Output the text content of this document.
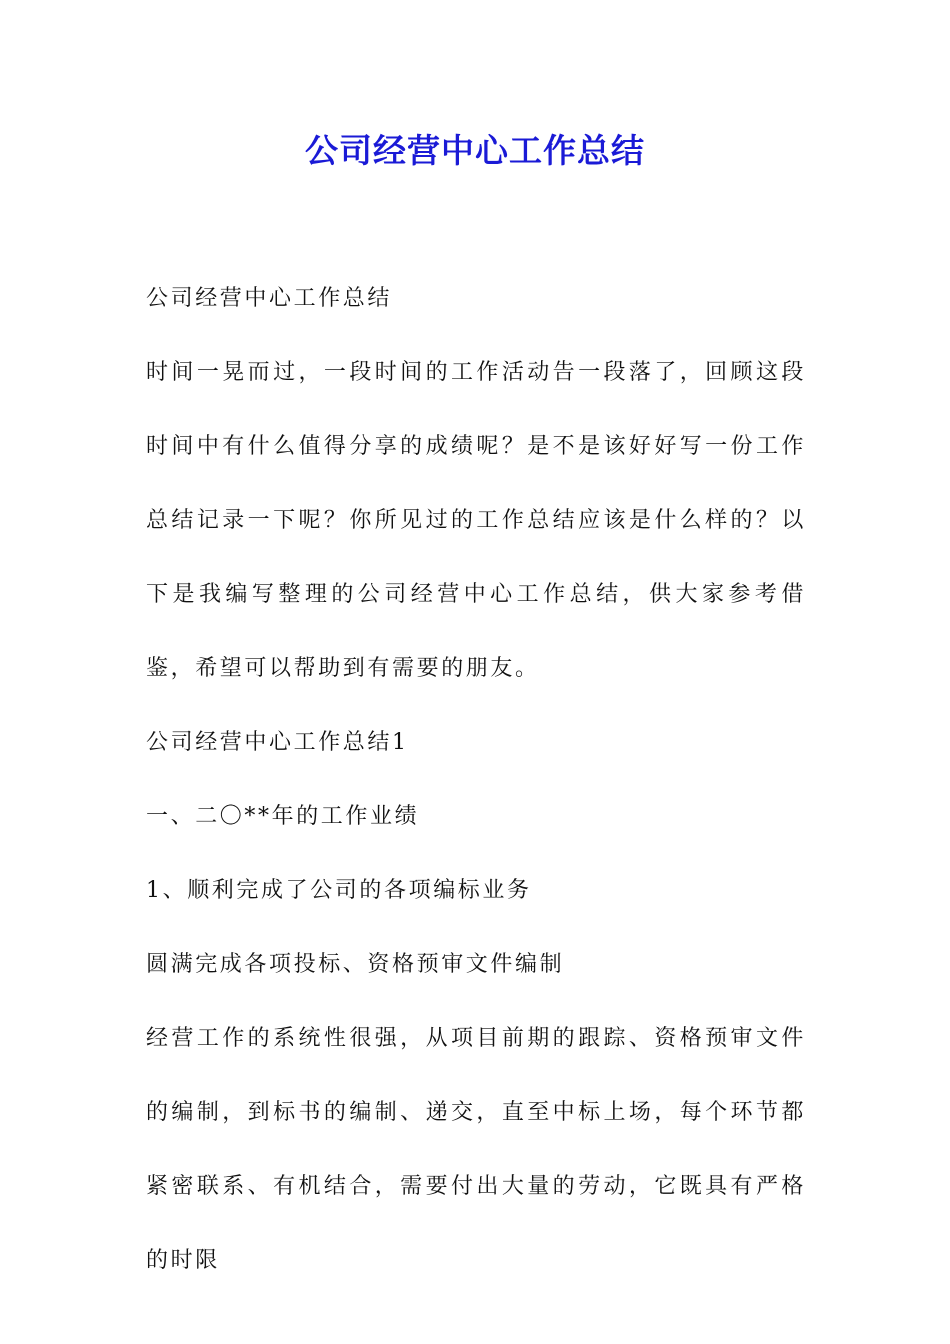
公司经营中心工作总结

公司经营中心工作总结

时间一晃而过，一段时间的工作活动告一段落了，回顾这段时间中有什么值得分享的成绩呢？是不是该好好写一份工作总结记录一下呢？你所见过的工作总结应该是什么样的？以下是我编写整理的公司经营中心工作总结，供大家参考借鉴，希望可以帮助到有需要的朋友。

公司经营中心工作总结1

一、二〇**年的工作业绩

1、顺利完成了公司的各项编标业务

圆满完成各项投标、资格预审文件编制

经营工作的系统性很强，从项目前期的跟踪、资格预审文件的编制，到标书的编制、递交，直至中标上场，每个环节都紧密联系、有机结合，需要付出大量的劳动，它既具有严格的时限
